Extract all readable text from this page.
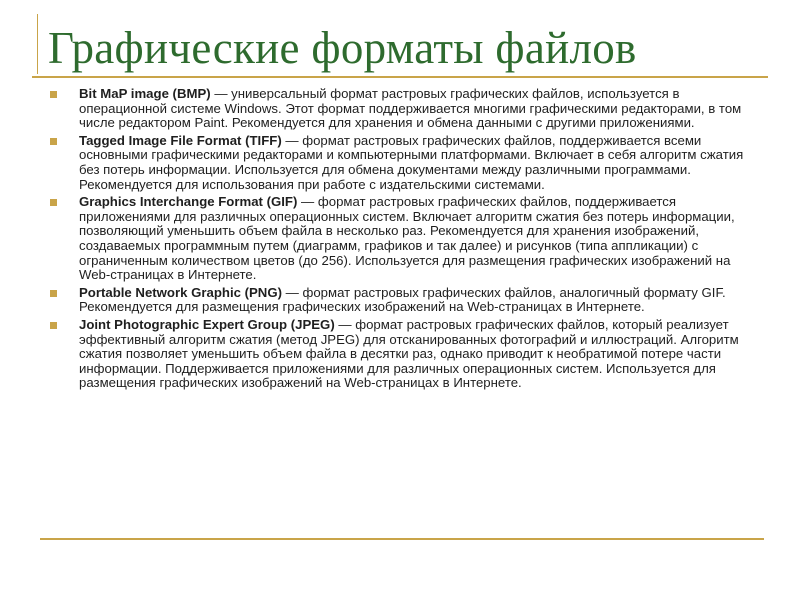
Графические форматы файлов
Bit MaP image (BMP) — универсальный формат растровых графических файлов, используется в операционной системе Windows. Этот формат поддерживается многими графическими редакторами, в том числе редактором Paint. Рекомендуется для хранения и обмена данными с другими приложениями.
Tagged Image File Format (TIFF) — формат растровых графических файлов, поддерживается всеми основными графическими редакторами и компьютерными платформами. Включает в себя алгоритм сжатия без потерь информации. Используется для обмена документами между различными программами. Рекомендуется для использования при работе с издательскими системами.
Graphics Interchange Format (GIF) — формат растровых графических файлов, поддерживается приложениями для различных операционных систем. Включает алгоритм сжатия без потерь информации, позволяющий уменьшить объем файла в несколько раз. Рекомендуется для хранения изображений, создаваемых программным путем (диаграмм, графиков и так далее) и рисунков (типа аппликации) с ограниченным количеством цветов (до 256). Используется для размещения графических изображений на Web-страницах в Интернете.
Portable Network Graphic (PNG) — формат растровых графических файлов, аналогичный формату GIF. Рекомендуется для размещения графических изображений на Web-страницах в Интернете.
Joint Photographic Expert Group (JPEG) — формат растровых графических файлов, который реализует эффективный алгоритм сжатия (метод JPEG) для отсканированных фотографий и иллюстраций. Алгоритм сжатия позволяет уменьшить объем файла в десятки раз, однако приводит к необратимой потере части информации. Поддерживается приложениями для различных операционных систем. Используется для размещения графических изображений на Web-страницах в Интернете.
